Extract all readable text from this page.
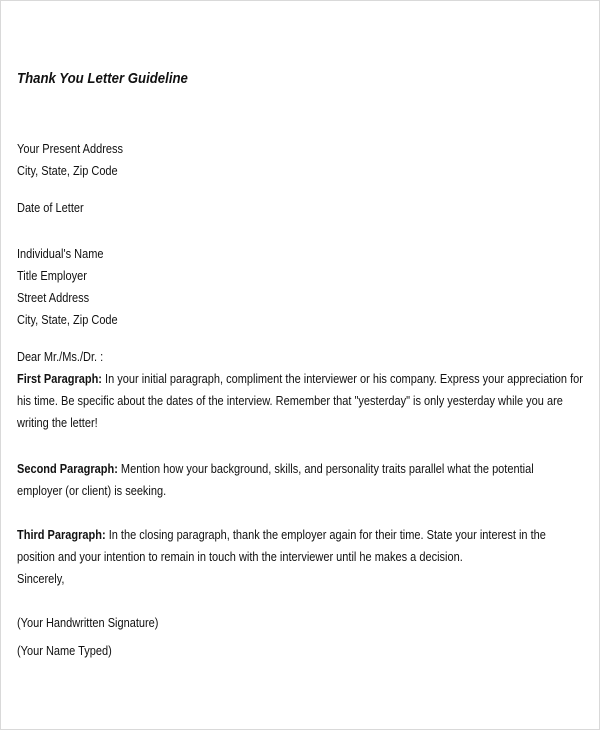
Thank You Letter Guideline
Your Present Address
City, State, Zip Code
Date of Letter
Individual's Name
Title Employer
Street Address
City, State, Zip Code
Dear Mr./Ms./Dr. :
First Paragraph: In your initial paragraph, compliment the interviewer or his company. Express your appreciation for
his time. Be specific about the dates of the interview. Remember that "yesterday" is only yesterday while you are
writing the letter!
Second Paragraph: Mention how your background, skills, and personality traits parallel what the potential
employer (or client) is seeking.
Third Paragraph: In the closing paragraph, thank the employer again for their time. State your interest in the
position and your intention to remain in touch with the interviewer until he makes a decision.
Sincerely,
(Your Handwritten Signature)
(Your Name Typed)
